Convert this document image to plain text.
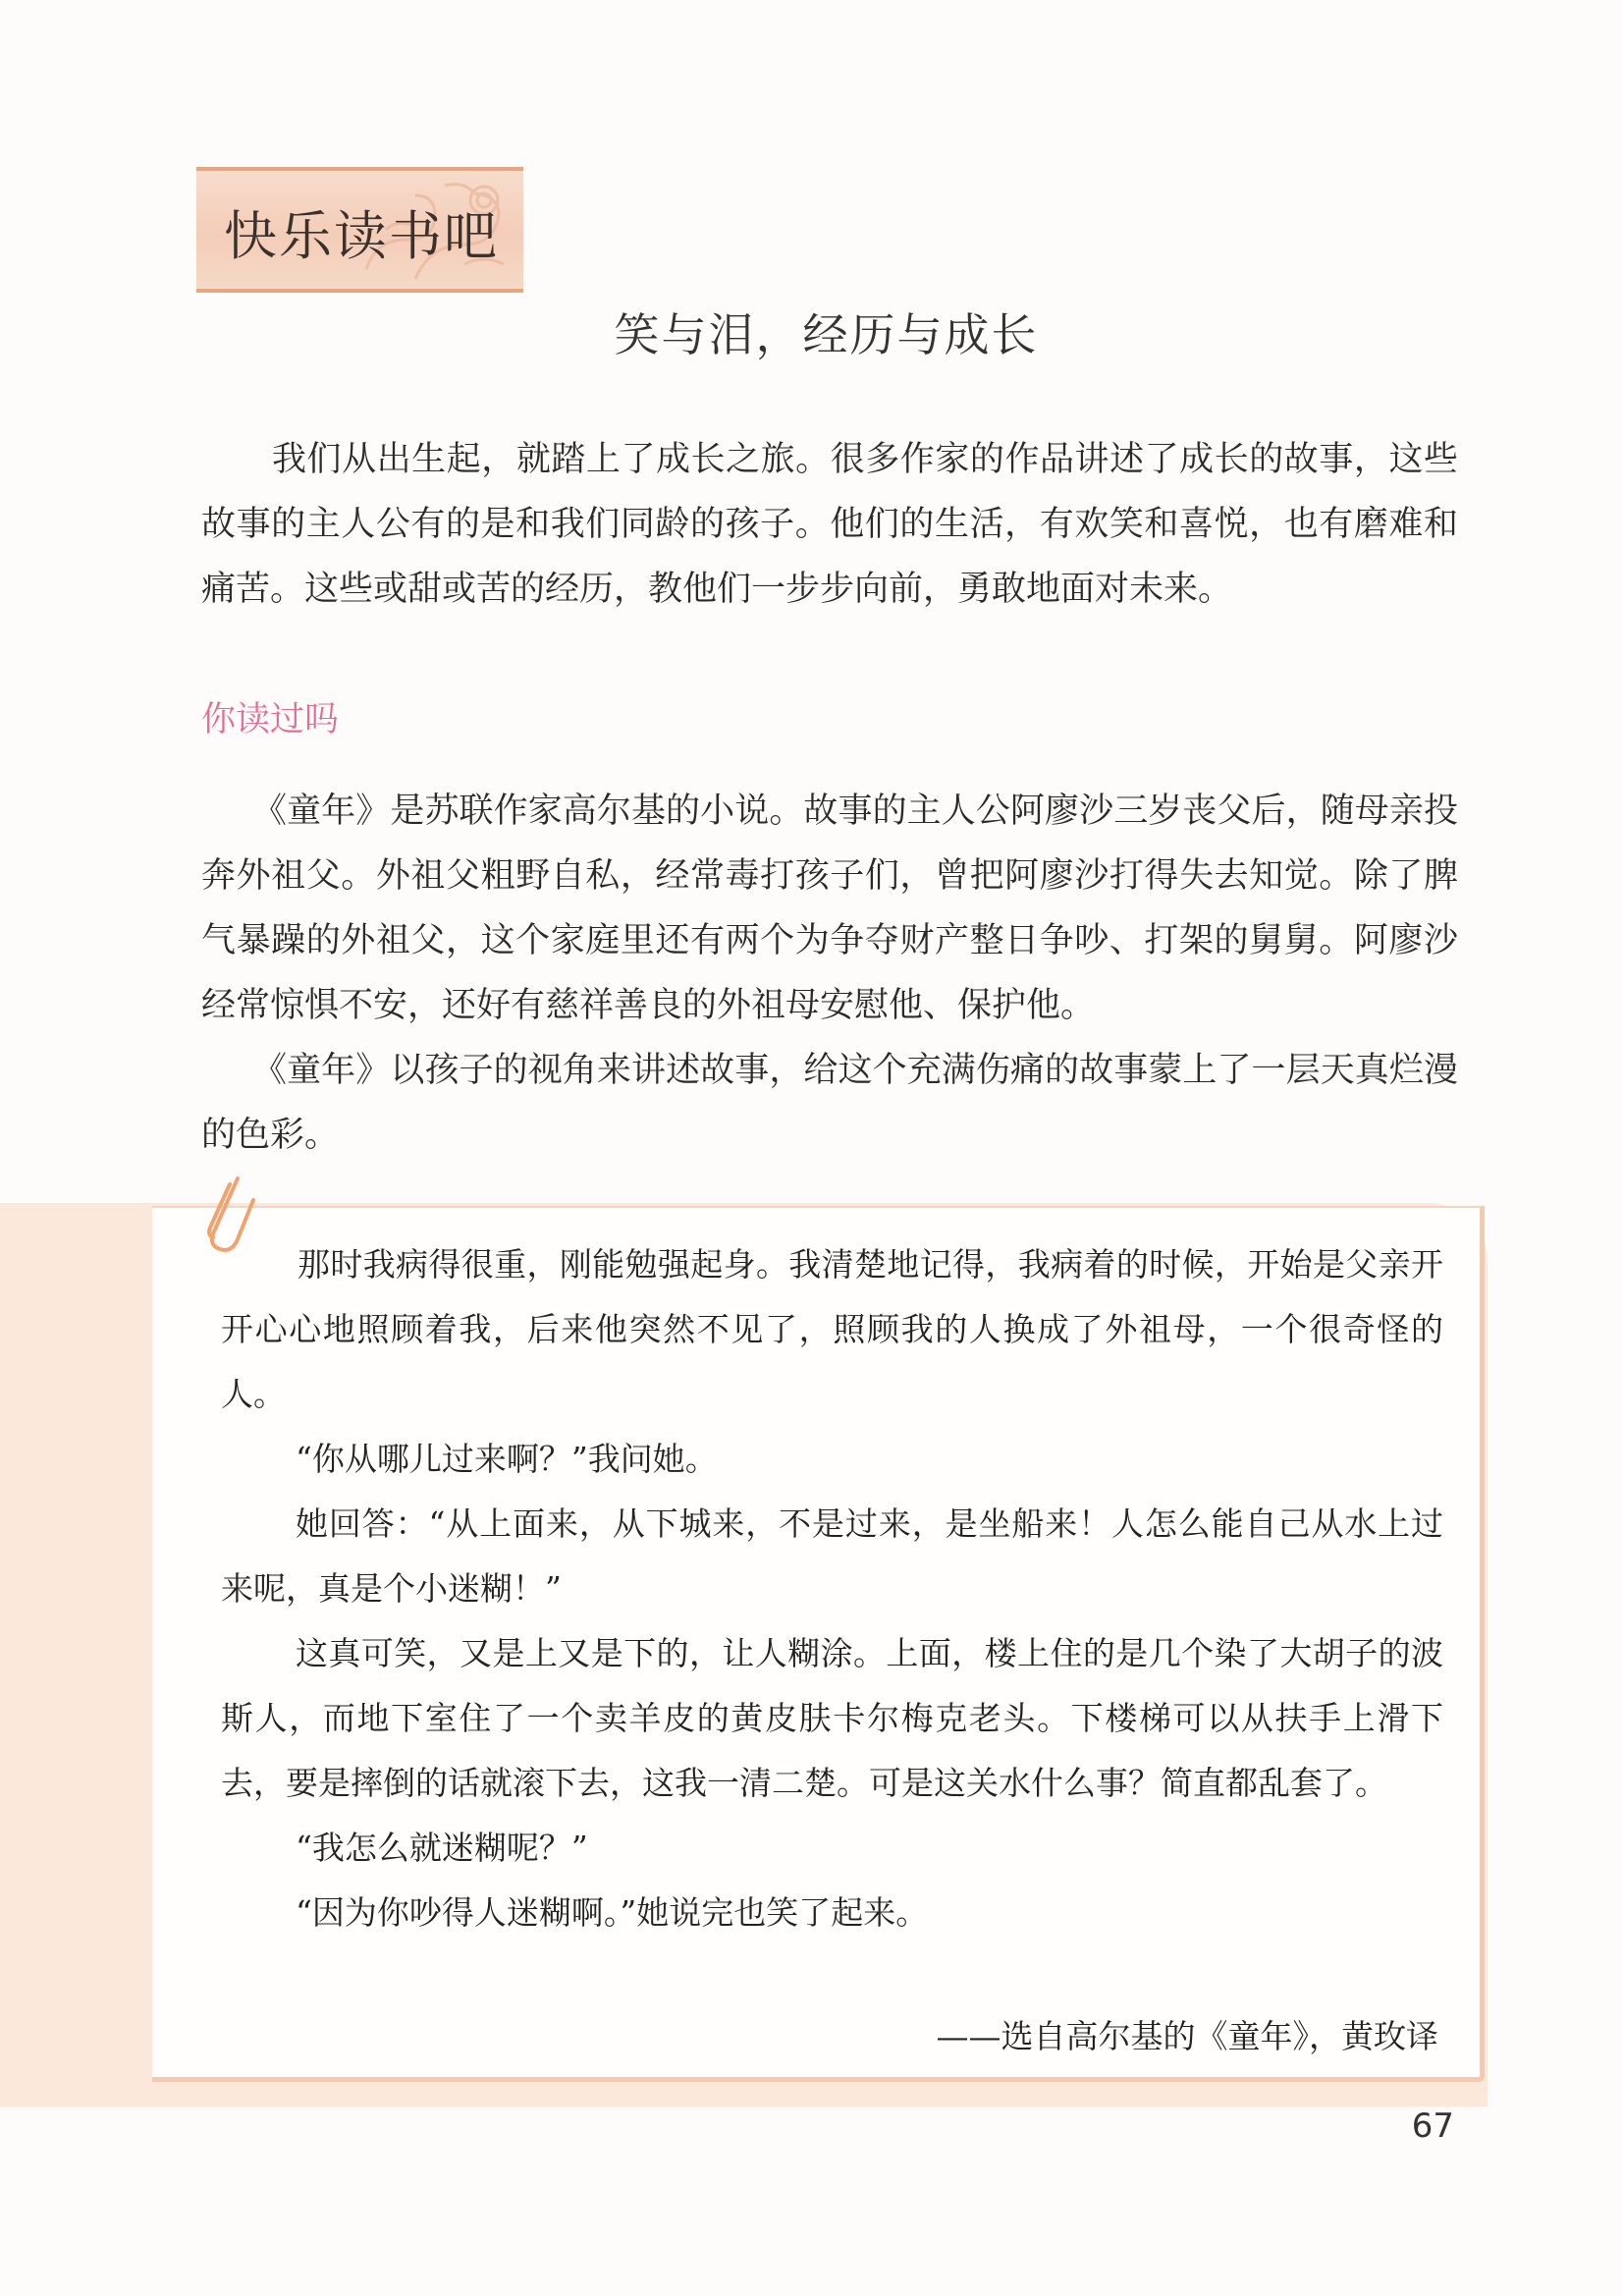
快乐读书吧
笑与泪，经历与成长

我们从出生起，就踏上了成长之旅。很多作家的作品讲述了成长的故事，这些故事的主人公有的是和我们同龄的孩子。他们的生活，有欢笑和喜悦，也有磨难和痛苦。这些或甜或苦的经历，教他们一步步向前，勇敢地面对未来。

你读过吗

《童年》是苏联作家高尔基的小说。故事的主人公阿廖沙三岁丧父后，随母亲投奔外祖父。外祖父粗野自私，经常毒打孩子们，曾把阿廖沙打得失去知觉。除了脾气暴躁的外祖父，这个家庭里还有两个为争夺财产整日争吵、打架的舅舅。阿廖沙经常惊惧不安，还好有慈祥善良的外祖母安慰他、保护他。

《童年》以孩子的视角来讲述故事，给这个充满伤痛的故事蒙上了一层天真烂漫的色彩。

那时我病得很重，刚能勉强起身。我清楚地记得，我病着的时候，开始是父亲开开心心地照顾着我，后来他突然不见了，照顾我的人换成了外祖母，一个很奇怪的人。

“你从哪儿过来啊？”我问她。

她回答：“从上面来，从下城来，不是过来，是坐船来！人怎么能自己从水上过来呢，真是个小迷糊！”

这真可笑，又是上又是下的，让人糊涂。上面，楼上住的是几个染了大胡子的波斯人，而地下室住了一个卖羊皮的黄皮肤卡尔梅克老头。下楼梯可以从扶手上滑下去，要是摔倒的话就滚下去，这我一清二楚。可是这关水什么事？简直都乱套了。

“我怎么就迷糊呢？”

“因为你吵得人迷糊啊。”她说完也笑了起来。

——选自高尔基的《童年》，黄玫译
67
